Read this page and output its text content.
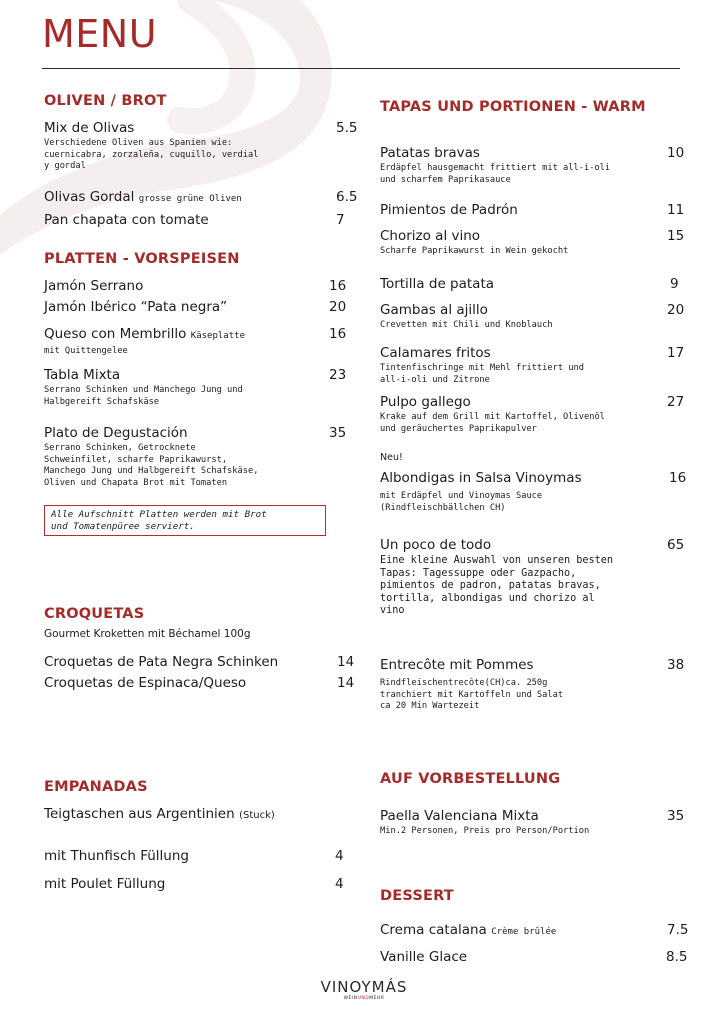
MENU
OLIVEN / BROT
Mix de Olivas	5.5
Verschiedene Oliven aus Spanien wie:
cuernicabra, zorzaleña, cuquillo, verdial
y gordal
Olivas Gordal grosse grüne Oliven	6.5
Pan chapata con tomate	7
PLATTEN - VORSPEISEN
Jamón Serrano	16
Jamón Ibérico “Pata negra”	20
Queso con Membrillo Käseplatte	16
mit Quittengelee
Tabla Mixta	23
Serrano Schinken und Manchego Jung und
Halbgereift Schafskäse
Plato de Degustación	35
Serrano Schinken, Getrocknete
Schweinfilet, scharfe Paprikawurst,
Manchego Jung und Halbgereift Schafskäse,
Oliven und Chapata Brot mit Tomaten
Alle Aufschnitt Platten werden mit Brot
und Tomatenpüree serviert.
CROQUETAS
Gourmet Kroketten mit Béchamel 100g
Croquetas de Pata Negra Schinken	14
Croquetas de Espinaca/Queso	14
EMPANADAS
Teigtaschen aus Argentinien (Stuck)
mit Thunfisch Füllung	4
mit Poulet Füllung	4
TAPAS UND PORTIONEN - WARM
Patatas bravas	10
Erdäpfel hausgemacht frittiert mit all-i-oli
und scharfem Paprikasauce
Pimientos de Padrón	11
Chorizo al vino	15
Scharfe Paprikawurst in Wein gekocht
Tortilla de patata	9
Gambas al ajillo	20
Crevetten mit Chili und Knoblauch
Calamares fritos	17
Tintenfischringe mit Mehl frittiert und
all-i-oli und Zitrone
Pulpo gallego	27
Krake auf dem Grill mit Kartoffel, Olivenöl
und geräuchertes Paprikapulver
Neu!
Albondigas in Salsa Vinoymas	16
mit Erdäpfel und Vinoymas Sauce
(Rindfleischbällchen CH)
Un poco de todo	65
Eine kleine Auswahl von unseren besten
Tapas: Tagessuppe oder Gazpacho,
pimientos de padron, patatas bravas,
tortilla, albondigas und chorizo al
vino
Entrecôte mit Pommes	38
Rindfleischentrecôte(CH)ca. 250g
tranchiert mit Kartoffeln und Salat
ca 20 Min Wartezeit
AUF VORBESTELLUNG
Paella Valenciana Mixta	35
Min.2 Personen, Preis pro Person/Portion
DESSERT
Crema catalana Crème brûlée	7.5
Vanille Glace	8.5
VINOYMÁS
WEINUNDMEHR
